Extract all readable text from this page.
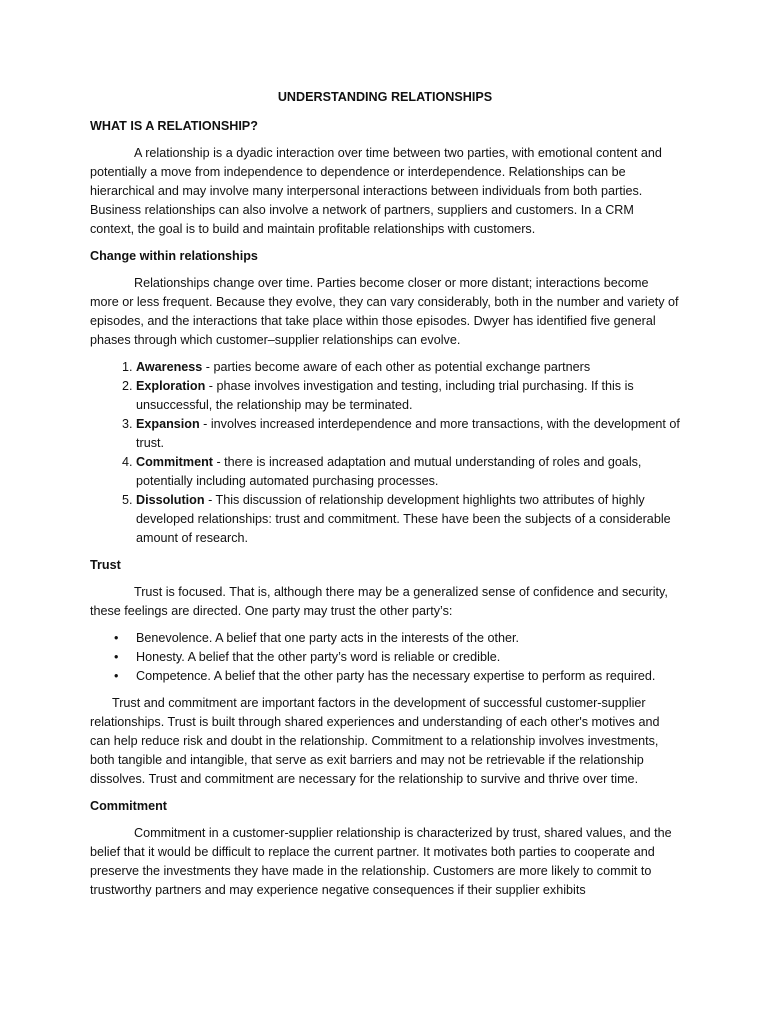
UNDERSTANDING RELATIONSHIPS
WHAT IS A RELATIONSHIP?

A relationship is a dyadic interaction over time between two parties, with emotional content and potentially a move from independence to dependence or interdependence. Relationships can be hierarchical and may involve many interpersonal interactions between individuals from both parties. Business relationships can also involve a network of partners, suppliers and customers. In a CRM context, the goal is to build and maintain profitable relationships with customers.

Change within relationships

Relationships change over time. Parties become closer or more distant; interactions become more or less frequent. Because they evolve, they can vary considerably, both in the number and variety of episodes, and the interactions that take place within those episodes. Dwyer has identified five general phases through which customer–supplier relationships can evolve.

1. Awareness - parties become aware of each other as potential exchange partners
2. Exploration - phase involves investigation and testing, including trial purchasing. If this is unsuccessful, the relationship may be terminated.
3. Expansion - involves increased interdependence and more transactions, with the development of trust.
4. Commitment - there is increased adaptation and mutual understanding of roles and goals, potentially including automated purchasing processes.
5. Dissolution - This discussion of relationship development highlights two attributes of highly developed relationships: trust and commitment. These have been the subjects of a considerable amount of research.
Trust

Trust is focused. That is, although there may be a generalized sense of confidence and security, these feelings are directed. One party may trust the other party’s:

• Benevolence. A belief that one party acts in the interests of the other.
• Honesty. A belief that the other party’s word is reliable or credible.
• Competence. A belief that the other party has the necessary expertise to perform as required.

Trust and commitment are important factors in the development of successful customer-supplier relationships. Trust is built through shared experiences and understanding of each other's motives and can help reduce risk and doubt in the relationship. Commitment to a relationship involves investments, both tangible and intangible, that serve as exit barriers and may not be retrievable if the relationship dissolves. Trust and commitment are necessary for the relationship to survive and thrive over time.

Commitment

Commitment in a customer-supplier relationship is characterized by trust, shared values, and the belief that it would be difficult to replace the current partner. It motivates both parties to cooperate and preserve the investments they have made in the relationship. Customers are more likely to commit to trustworthy partners and may experience negative consequences if their supplier exhibits
